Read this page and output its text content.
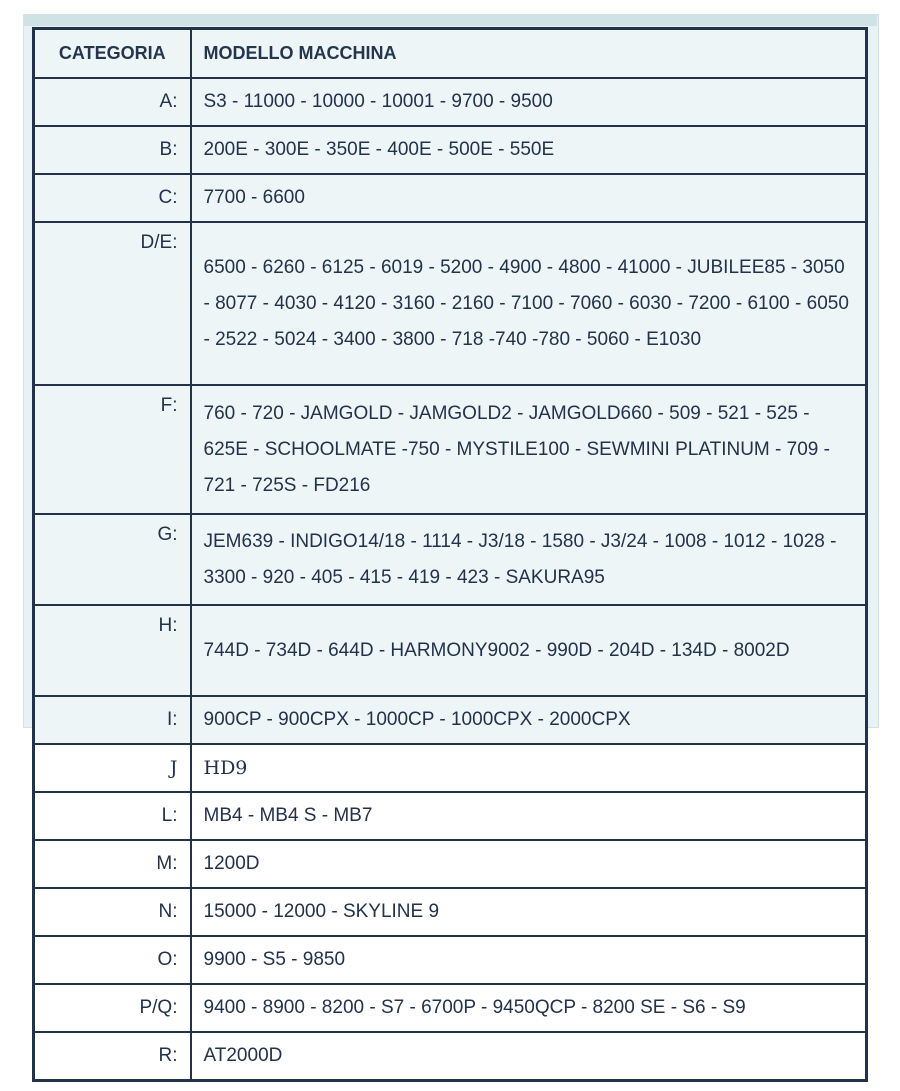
CATEGORIA	MODELLO MACCHINA
A:	S3 - 11000 - 10000 - 10001 - 9700 - 9500
B:	200E - 300E - 350E - 400E - 500E - 550E
C:	7700 - 6600
D/E:	6500 - 6260 - 6125 - 6019 - 5200 - 4900 - 4800 - 41000 - JUBILEE85 - 3050 - 8077 - 4030 - 4120 - 3160 - 2160 - 7100 - 7060 - 6030 - 7200 - 6100 - 6050 - 2522 - 5024 - 3400 - 3800 - 718 -740 -780 - 5060 - E1030
F:	760 - 720 - JAMGOLD - JAMGOLD2 - JAMGOLD660 - 509 - 521 - 525 - 625E - SCHOOLMATE -750 - MYSTILE100 - SEWMINI PLATINUM - 709 - 721 - 725S - FD216
G:	JEM639 - INDIGO14/18 - 1114 - J3/18 - 1580 - J3/24 - 1008 - 1012 - 1028 - 3300 - 920 - 405 - 415 - 419 - 423 - SAKURA95
H:	744D - 734D - 644D - HARMONY9002 - 990D - 204D - 134D - 8002D
I:	900CP - 900CPX - 1000CP - 1000CPX - 2000CPX
J	HD9
L:	MB4 - MB4 S - MB7
M:	1200D
N:	15000 - 12000 - SKYLINE 9
O:	9900 - S5 - 9850
P/Q:	9400 - 8900 - 8200 - S7 - 6700P - 9450QCP - 8200 SE - S6 - S9
R:	AT2000D
